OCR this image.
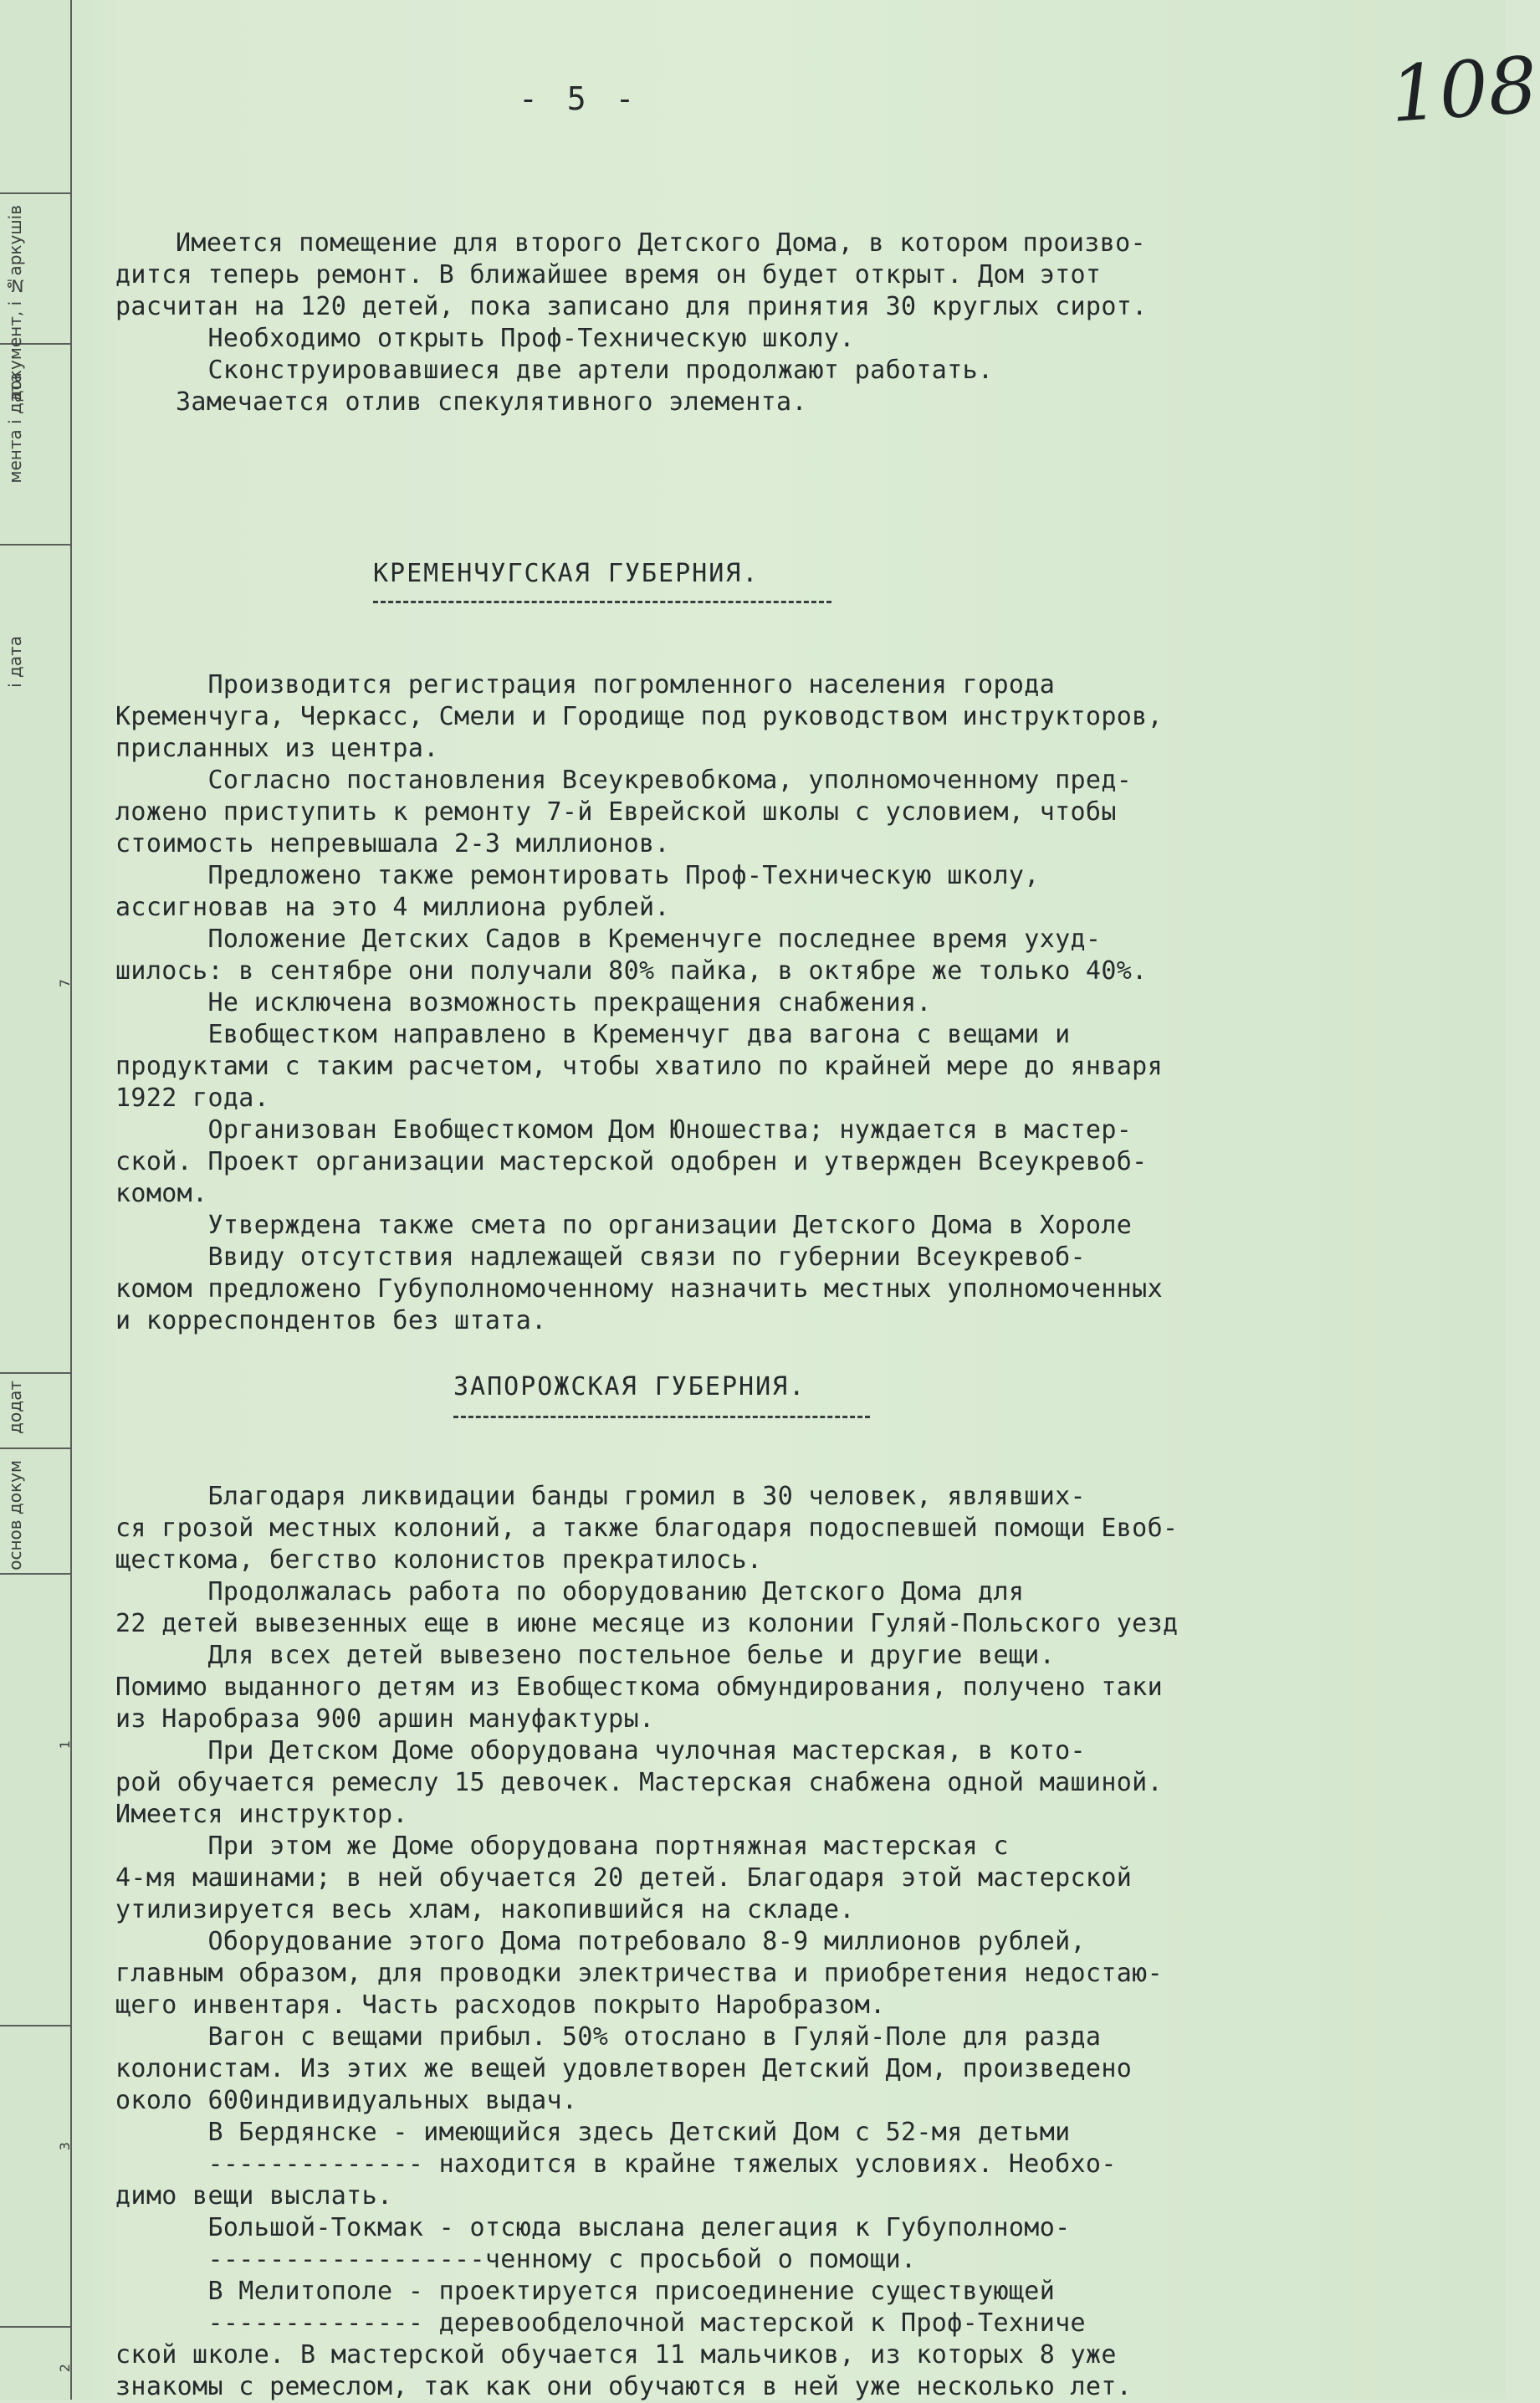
документ, і №аркушів
мента і дата
і дата
додат
основ докум
7
1
3
2
- 5 -	108
Имеется помещение для второго Детского Дома, в котором произво-
дится теперь ремонт. В ближайшее время он будет открыт. Дом этот
расчитан на 120 детей, пока записано для принятия 30 круглых сирот.
Необходимо открыть Проф-Техническую школу.
Сконструировавшиеся две артели продолжают работать.
Замечается отлив спекулятивного элемента.
КРЕМЕНЧУГСКАЯ ГУБЕРНИЯ.
Производится регистрация погромленного населения города
Кременчуга, Черкасс, Смели и Городище под руководством инструкторов,
присланных из центра.
Согласно постановления Всеукревобкома, уполномоченному пред-
ложено приступить к ремонту 7-й Еврейской школы с условием, чтобы
стоимость непревышала 2-3 миллионов.
Предложено также ремонтировать Проф-Техническую школу,
ассигновав на это 4 миллиона рублей.
Положение Детских Садов в Кременчуге последнее время ухуд-
шилось: в сентябре они получали 80% пайка, в октябре же только 40%.
Не исключена возможность прекращения снабжения.
Евобщестком направлено в Кременчуг два вагона с вещами и
продуктами с таким расчетом, чтобы хватило по крайней мере до января
1922 года.
Организован Евобщесткомом Дом Юношества; нуждается в мастер-
ской. Проект организации мастерской одобрен и утвержден Всеукревоб-
комом.
Утверждена также смета по организации Детского Дома в Хороле
Ввиду отсутствия надлежащей связи по губернии Всеукревоб-
комом предложено Губуполномоченному назначить местных уполномоченных
и корреспондентов без штата.
ЗАПОРОЖСКАЯ ГУБЕРНИЯ.
Благодаря ликвидации банды громил в 30 человек, являвших-
ся грозой местных колоний, а также благодаря подоспевшей помощи Евоб-
щесткома, бегство колонистов прекратилось.
Продолжалась работа по оборудованию Детского Дома для
22 детей вывезенных еще в июне месяце из колонии Гуляй-Польского уезд
Для всех детей вывезено постельное белье и другие вещи.
Помимо выданного детям из Евобщесткома обмундирования, получено таки
из Наробраза 900 аршин мануфактуры.
При Детском Доме оборудована чулочная мастерская, в кото-
рой обучается ремеслу 15 девочек. Мастерская снабжена одной машиной.
Имеется инструктор.
При этом же Доме оборудована портняжная мастерская с
4-мя машинами; в ней обучается 20 детей. Благодаря этой мастерской
утилизируется весь хлам, накопившийся на складе.
Оборудование этого Дома потребовало 8-9 миллионов рублей,
главным образом, для проводки электричества и приобретения недостаю-
щего инвентаря. Часть расходов покрыто Наробразом.
Вагон с вещами прибыл. 50% отослано в Гуляй-Поле для разда
колонистам. Из этих же вещей удовлетворен Детский Дом, произведено
около 600индивидуальных выдач.
В Бердянске - имеющийся здесь Детский Дом с 52-мя детьми
-------------- находится в крайне тяжелых условиях. Необхо-
димо вещи выслать.
Большой-Токмак - отсюда выслана делегация к Губуполномо-
------------------ченному с просьбой о помощи.
В Мелитополе - проектируется присоединение существующей
-------------- деревообделочной мастерской к Проф-Техниче
ской школе. В мастерской обучается 11 мальчиков, из которых 8 уже
знакомы с ремеслом, так как они обучаются в ней уже несколько лет.
